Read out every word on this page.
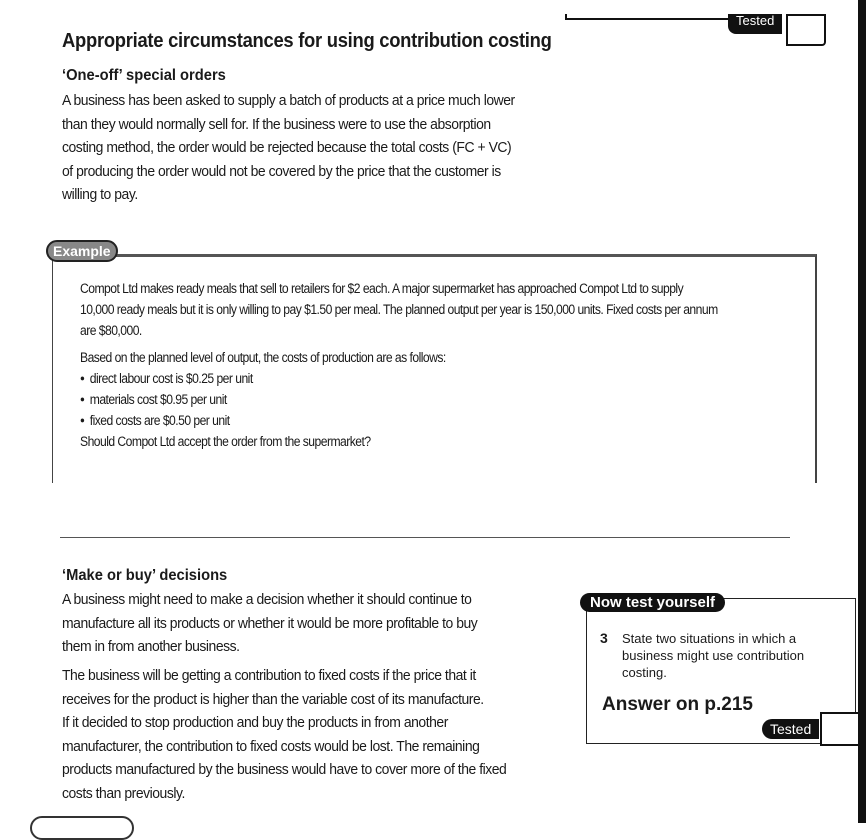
Tested
Appropriate circumstances for using contribution costing
‘One-off’ special orders
A business has been asked to supply a batch of products at a price much lower
than they would normally sell for. If the business were to use the absorption
costing method, the order would be rejected because the total costs (FC + VC)
of producing the order would not be covered by the price that the customer is
willing to pay.
Example
Compot Ltd makes ready meals that sell to retailers for $2 each. A major supermarket has approached Compot Ltd to supply
10,000 ready meals but it is only willing to pay $1.50 per meal. The planned output per year is 150,000 units. Fixed costs per annum
are $80,000.
Based on the planned level of output, the costs of production are as follows:
● direct labour cost is $0.25 per unit
● materials cost $0.95 per unit
● fixed costs are $0.50 per unit
Should Compot Ltd accept the order from the supermarket?
‘Make or buy’ decisions
A business might need to make a decision whether it should continue to
manufacture all its products or whether it would be more profitable to buy
them in from another business.
The business will be getting a contribution to fixed costs if the price that it
receives for the product is higher than the variable cost of its manufacture.
If it decided to stop production and buy the products in from another
manufacturer, the contribution to fixed costs would be lost. The remaining
products manufactured by the business would have to cover more of the fixed
costs than previously.
Now test yourself
3 State two situations in which a
business might use contribution
costing.
Answer on p.215
Tested
